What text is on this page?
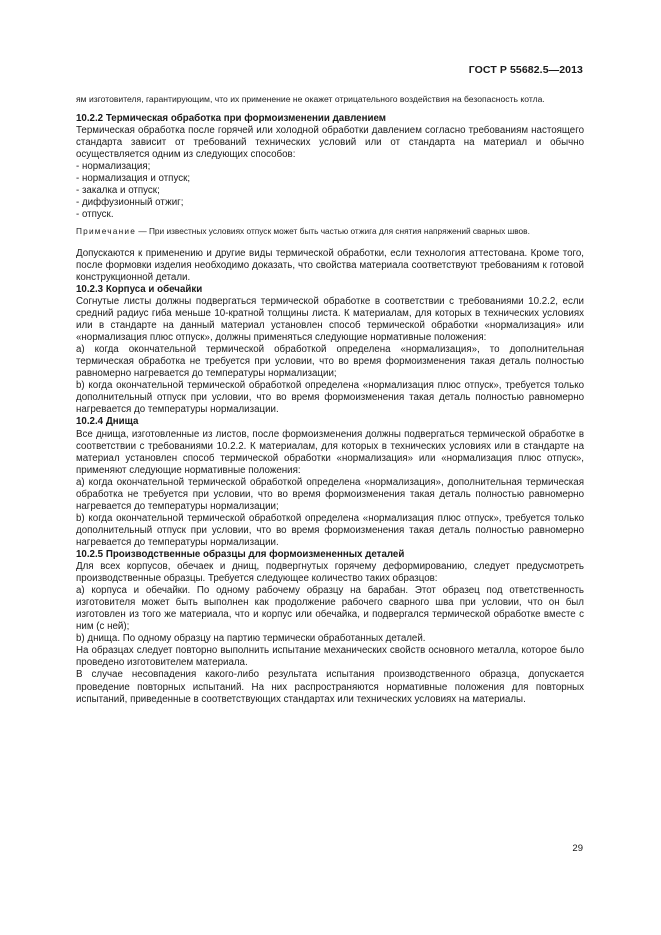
ГОСТ Р 55682.5—2013

ям изготовителя, гарантирующим, что их применение не окажет отрицательного воздействия на безопасность котла.

10.2.2 Термическая обработка при формоизменении давлением

Термическая обработка после горячей или холодной обработки давлением согласно требованиям настоящего стандарта зависит от требований технических условий или от стандарта на материал и обычно осуществляется одним из следующих способов:

- нормализация;
- нормализация и отпуск;
- закалка и отпуск;
- диффузионный отжиг;
- отпуск.

Примечание — При известных условиях отпуск может быть частью отжига для снятия напряжений сварных швов.

Допускаются к применению и другие виды термической обработки, если технология аттестована. Кроме того, после формовки изделия необходимо доказать, что свойства материала соответствуют требованиям к готовой конструкционной детали.

10.2.3 Корпуса и обечайки

Согнутые листы должны подвергаться термической обработке в соответствии с требованиями 10.2.2, если средний радиус гиба меньше 10-кратной толщины листа. К материалам, для которых в технических условиях или в стандарте на данный материал установлен способ термической обработки «нормализация» или «нормализация плюс отпуск», должны применяться следующие нормативные положения:

a) когда окончательной термической обработкой определена «нормализация», то дополнительная термическая обработка не требуется при условии, что во время формоизменения такая деталь полностью равномерно нагревается до температуры нормализации;

b) когда окончательной термической обработкой определена «нормализация плюс отпуск», требуется только дополнительный отпуск при условии, что во время формоизменения такая деталь полностью равномерно нагревается до температуры нормализации.

10.2.4 Днища

Все днища, изготовленные из листов, после формоизменения должны подвергаться термической обработке в соответствии с требованиями 10.2.2. К материалам, для которых в технических условиях или в стандарте на материал установлен способ термической обработки «нормализация» или «нормализация плюс отпуск», применяют следующие нормативные положения:

a) когда окончательной термической обработкой определена «нормализация», дополнительная термическая обработка не требуется при условии, что во время формоизменения такая деталь полностью равномерно нагревается до температуры нормализации;

b) когда окончательной термической обработкой определена «нормализация плюс отпуск», требуется только дополнительный отпуск при условии, что во время формоизменения такая деталь полностью равномерно нагревается до температуры нормализации.

10.2.5 Производственные образцы для формоизмененных деталей

Для всех корпусов, обечаек и днищ, подвергнутых горячему деформированию, следует предусмотреть производственные образцы. Требуется следующее количество таких образцов:

a) корпуса и обечайки. По одному рабочему образцу на барабан. Этот образец под ответственность изготовителя может быть выполнен как продолжение рабочего сварного шва при условии, что он был изготовлен из того же материала, что и корпус или обечайка, и подвергался термической обработке вместе с ним (с ней);

b) днища. По одному образцу на партию термически обработанных деталей.

На образцах следует повторно выполнить испытание механических свойств основного металла, которое было проведено изготовителем материала.

В случае несовпадения какого-либо результата испытания производственного образца, допускается проведение повторных испытаний. На них распространяются нормативные положения для повторных испытаний, приведенные в соответствующих стандартах или технических условиях на материалы.

29
